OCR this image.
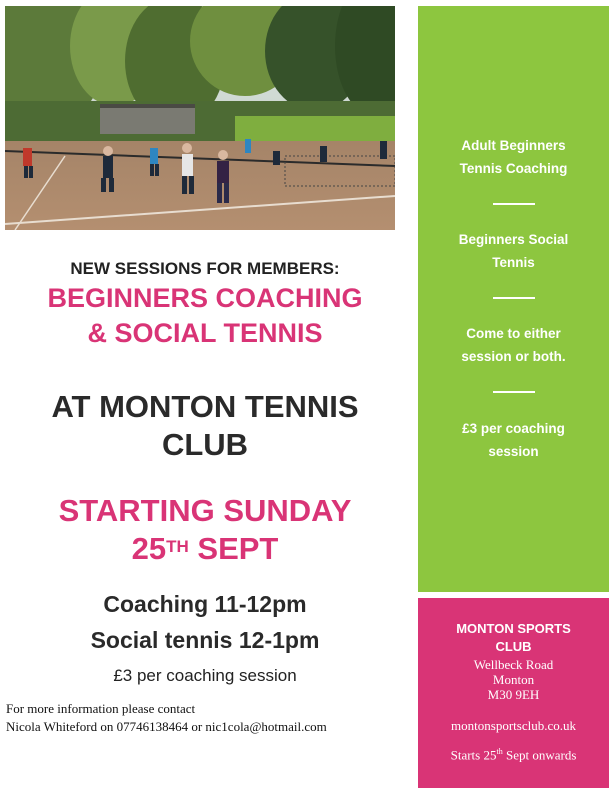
NEW SESSIONS FOR MEMBERS:
BEGINNERS COACHING
& SOCIAL TENNIS
AT MONTON TENNIS
CLUB
STARTING SUNDAY
25TH SEPT
Coaching 11-12pm
Social tennis 12-1pm
£3 per coaching session
For more information please contact
Nicola Whiteford on 07746138464 or nic1cola@hotmail.com
Adult Beginners
Tennis Coaching
Beginners Social
Tennis
Come to either
session or both.
£3 per coaching
session
MONTON SPORTS
CLUB
Wellbeck Road
Monton
M30 9EH
montonsportsclub.co.uk
Starts 25th Sept onwards
